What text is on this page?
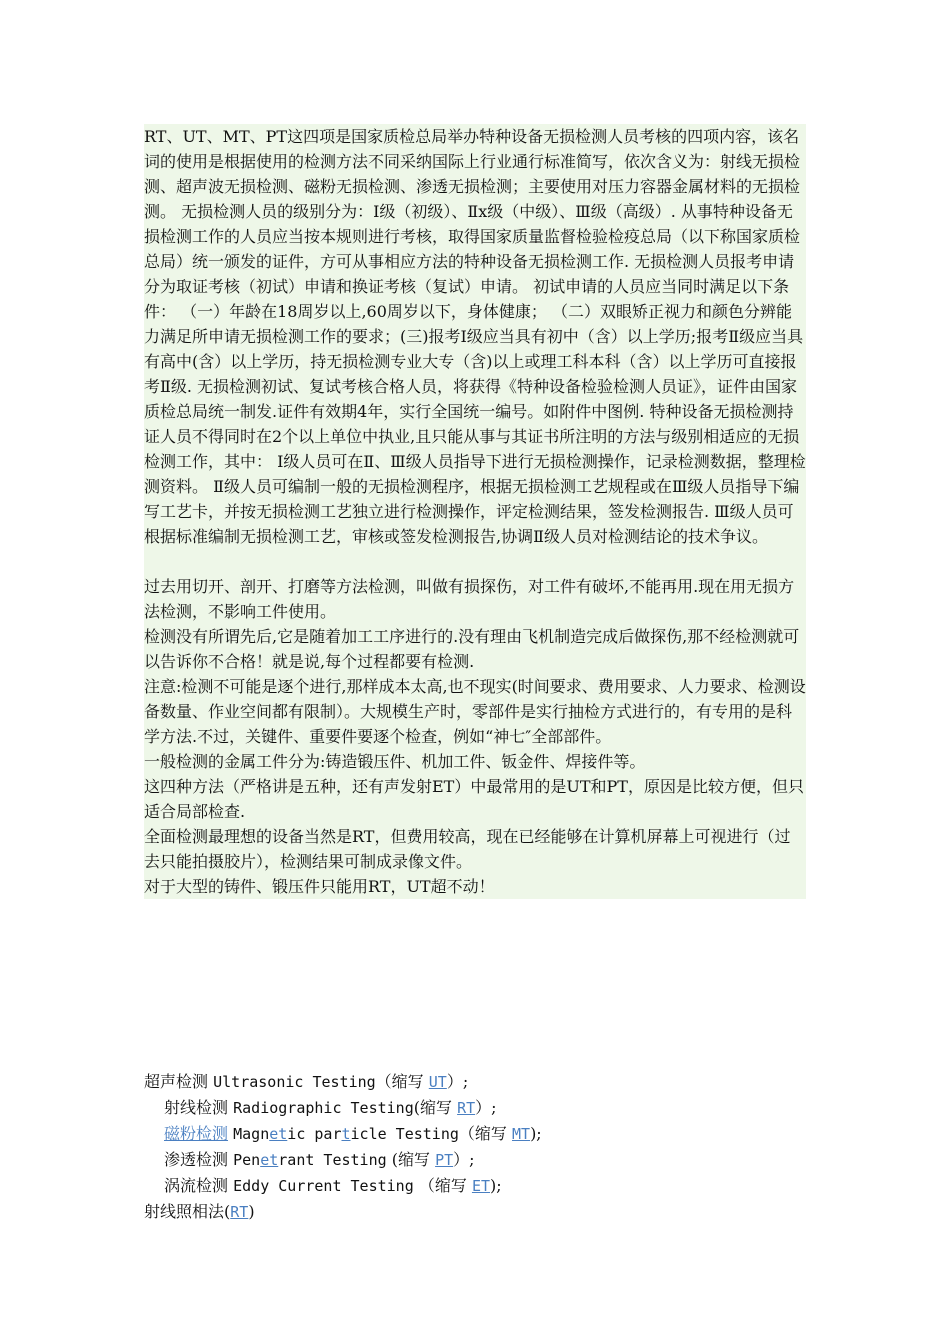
RT、UT、MT、PT这四项是国家质检总局举办特种设备无损检测人员考核的四项内容，该名词的使用是根据使用的检测方法不同采纳国际上行业通行标准简写，依次含义为：射线无损检测、超声波无损检测、磁粉无损检测、渗透无损检测；主要使用对压力容器金属材料的无损检测。 无损检测人员的级别分为：Ⅰ级（初级）、Ⅱx级（中级）、Ⅲ级（高级）. 从事特种设备无损检测工作的人员应当按本规则进行考核，取得国家质量监督检验检疫总局（以下称国家质检总局）统一颁发的证件，方可从事相应方法的特种设备无损检测工作. 无损检测人员报考申请分为取证考核（初试）申请和换证考核（复试）申请。 初试申请的人员应当同时满足以下条件： （一）年龄在18周岁以上,60周岁以下，身体健康； （二）双眼矫正视力和颜色分辨能力满足所申请无损检测工作的要求；(三)报考Ⅰ级应当具有初中（含）以上学历;报考Ⅱ级应当具有高中(含）以上学历，持无损检测专业大专（含)以上或理工科本科（含）以上学历可直接报考Ⅱ级. 无损检测初试、复试考核合格人员，将获得《特种设备检验检测人员证》，证件由国家质检总局统一制发.证件有效期4年，实行全国统一编号。如附件中图例. 特种设备无损检测持证人员不得同时在2个以上单位中执业,且只能从事与其证书所注明的方法与级别相适应的无损检测工作，其中： Ⅰ级人员可在Ⅱ、Ⅲ级人员指导下进行无损检测操作，记录检测数据，整理检测资料。 Ⅱ级人员可编制一般的无损检测程序，根据无损检测工艺规程或在Ⅲ级人员指导下编写工艺卡，并按无损检测工艺独立进行检测操作，评定检测结果，签发检测报告. Ⅲ级人员可根据标准编制无损检测工艺，审核或签发检测报告,协调Ⅱ级人员对检测结论的技术争议。

过去用切开、剖开、打磨等方法检测，叫做有损探伤，对工件有破坏,不能再用.现在用无损方法检测，不影响工件使用。

检测没有所谓先后,它是随着加工工序进行的.没有理由飞机制造完成后做探伤,那不经检测就可以告诉你不合格！就是说,每个过程都要有检测.

注意:检测不可能是逐个进行,那样成本太高,也不现实(时间要求、费用要求、人力要求、检测设备数量、作业空间都有限制）。大规模生产时，零部件是实行抽检方式进行的，有专用的是科学方法.不过，关键件、重要件要逐个检查，例如“神七″全部部件。

一般检测的金属工件分为:铸造锻压件、机加工件、钣金件、焊接件等。

这四种方法（严格讲是五种，还有声发射ET）中最常用的是UT和PT，原因是比较方便，但只适合局部检查.

全面检测最理想的设备当然是RT，但费用较高，现在已经能够在计算机屏幕上可视进行（过去只能拍摄胶片），检测结果可制成录像文件。

对于大型的铸件、锻压件只能用RT，UT超不动！

超声检测 Ultrasonic Testing（缩写 UT）;
射线检测 Radiographic Testing(缩写 RT）;
磁粉检测 Magnetic particle Testing（缩写 MT);
渗透检测 Penetrant Testing (缩写 PT）;
涡流检测 Eddy Current Testing （缩写 ET);
射线照相法(RT)
